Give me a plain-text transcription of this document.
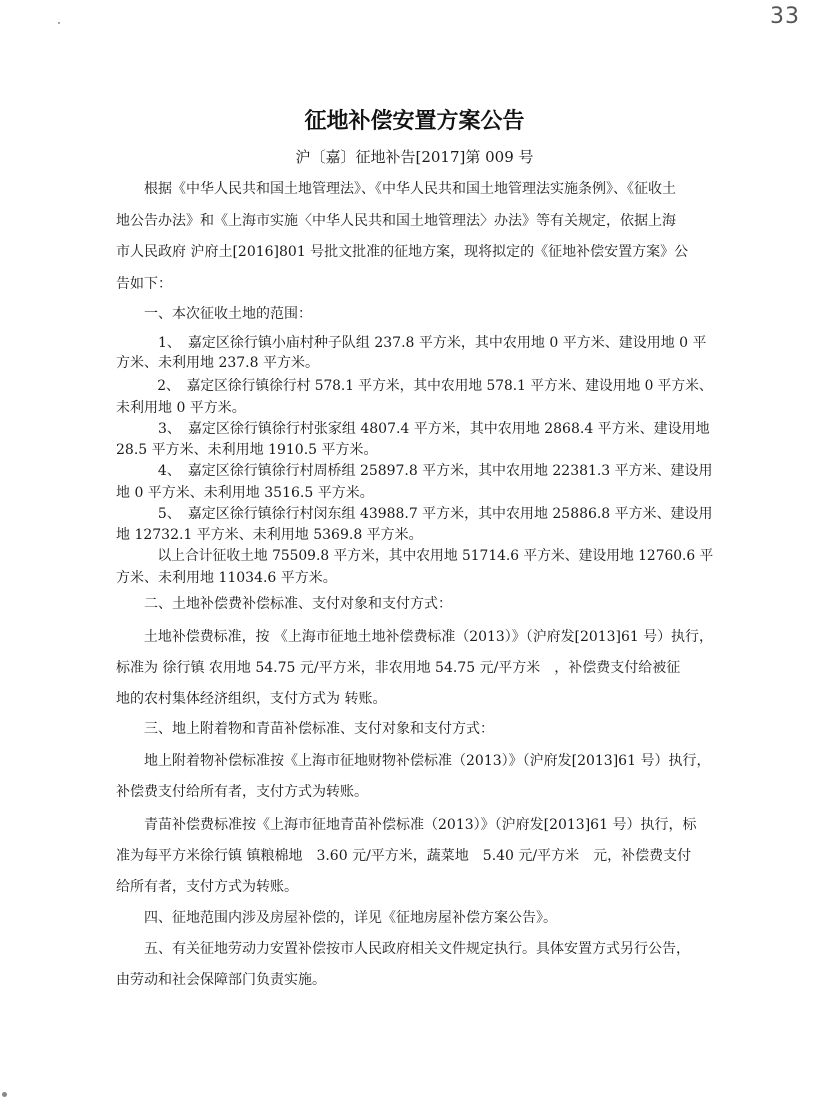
33
征地补偿安置方案公告
沪〔嘉〕征地补告[2017]第 009 号
　　根据《中华人民共和国土地管理法》、《中华人民共和国土地管理法实施条例》、《征收土
地公告办法》和《上海市实施〈中华人民共和国土地管理法〉办法》等有关规定，依据上海
市人民政府 沪府土[2016]801 号批文批准的征地方案，现将拟定的《征地补偿安置方案》公
告如下：
　　一、本次征收土地的范围：
　　　1、　嘉定区徐行镇小庙村种子队组 237.8 平方米，其中农用地 0 平方米、建设用地 0 平
方米、未利用地 237.8 平方米。
　　　2、　嘉定区徐行镇徐行村 578.1 平方米，其中农用地 578.1 平方米、建设用地 0 平方米、
未利用地 0 平方米。
　　　3、　嘉定区徐行镇徐行村张家组 4807.4 平方米，其中农用地 2868.4 平方米、建设用地
28.5 平方米、未利用地 1910.5 平方米。
　　　4、　嘉定区徐行镇徐行村周桥组 25897.8 平方米，其中农用地 22381.3 平方米、建设用
地 0 平方米、未利用地 3516.5 平方米。
　　　5、　嘉定区徐行镇徐行村闵东组 43988.7 平方米，其中农用地 25886.8 平方米、建设用
地 12732.1 平方米、未利用地 5369.8 平方米。
　　　以上合计征收土地 75509.8 平方米，其中农用地 51714.6 平方米、建设用地 12760.6 平
方米、未利用地 11034.6 平方米。
　　二、土地补偿费补偿标准、支付对象和支付方式：
　　土地补偿费标准，按 《上海市征地土地补偿费标准（2013）》（沪府发[2013]61 号）执行，
标准为 徐行镇 农用地 54.75 元/平方米，非农用地 54.75 元/平方米　，补偿费支付给被征
地的农村集体经济组织，支付方式为 转账。
　　三、地上附着物和青苗补偿标准、支付对象和支付方式：
　　地上附着物补偿标准按《上海市征地财物补偿标准（2013）》（沪府发[2013]61 号）执行，
补偿费支付给所有者，支付方式为转账。
　　青苗补偿费标准按《上海市征地青苗补偿标准（2013）》（沪府发[2013]61 号）执行，标
准为每平方米徐行镇 镇粮棉地　3.60 元/平方米，蔬菜地　5.40 元/平方米　元，补偿费支付
给所有者，支付方式为转账。
　　四、征地范围内涉及房屋补偿的，详见《征地房屋补偿方案公告》。
　　五、有关征地劳动力安置补偿按市人民政府相关文件规定执行。具体安置方式另行公告，
由劳动和社会保障部门负责实施。
